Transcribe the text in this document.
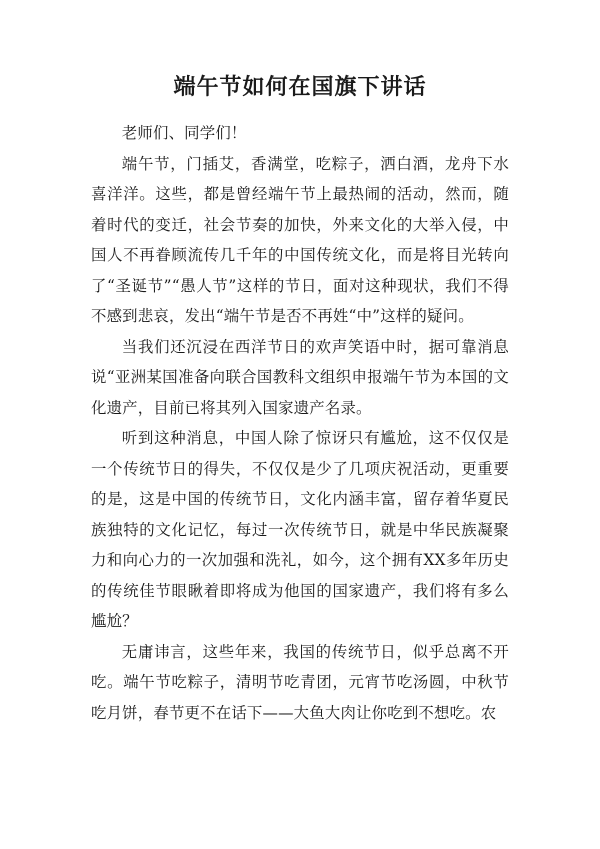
端午节如何在国旗下讲话

老师们、同学们！

端午节，门插艾，香满堂，吃粽子，洒白酒，龙舟下水喜洋洋。这些，都是曾经端午节上最热闹的活动，然而，随着时代的变迁，社会节奏的加快，外来文化的大举入侵，中国人不再眷顾流传几千年的中国传统文化，而是将目光转向了“圣诞节”“愚人节”这样的节日，面对这种现状，我们不得不感到悲哀，发出“端午节是否不再姓“中”这样的疑问。

当我们还沉浸在西洋节日的欢声笑语中时，据可靠消息说“亚洲某国准备向联合国教科文组织申报端午节为本国的文化遗产，目前已将其列入国家遗产名录。

听到这种消息，中国人除了惊讶只有尴尬，这不仅仅是一个传统节日的得失，不仅仅是少了几项庆祝活动，更重要的是，这是中国的传统节日，文化内涵丰富，留存着华夏民族独特的文化记忆，每过一次传统节日，就是中华民族凝聚力和向心力的一次加强和洗礼，如今，这个拥有XX多年历史的传统佳节眼瞅着即将成为他国的国家遗产，我们将有多么尴尬？

无庸讳言，这些年来，我国的传统节日，似乎总离不开吃。端午节吃粽子，清明节吃青团，元宵节吃汤圆，中秋节吃月饼，春节更不在话下——大鱼大肉让你吃到不想吃。农
